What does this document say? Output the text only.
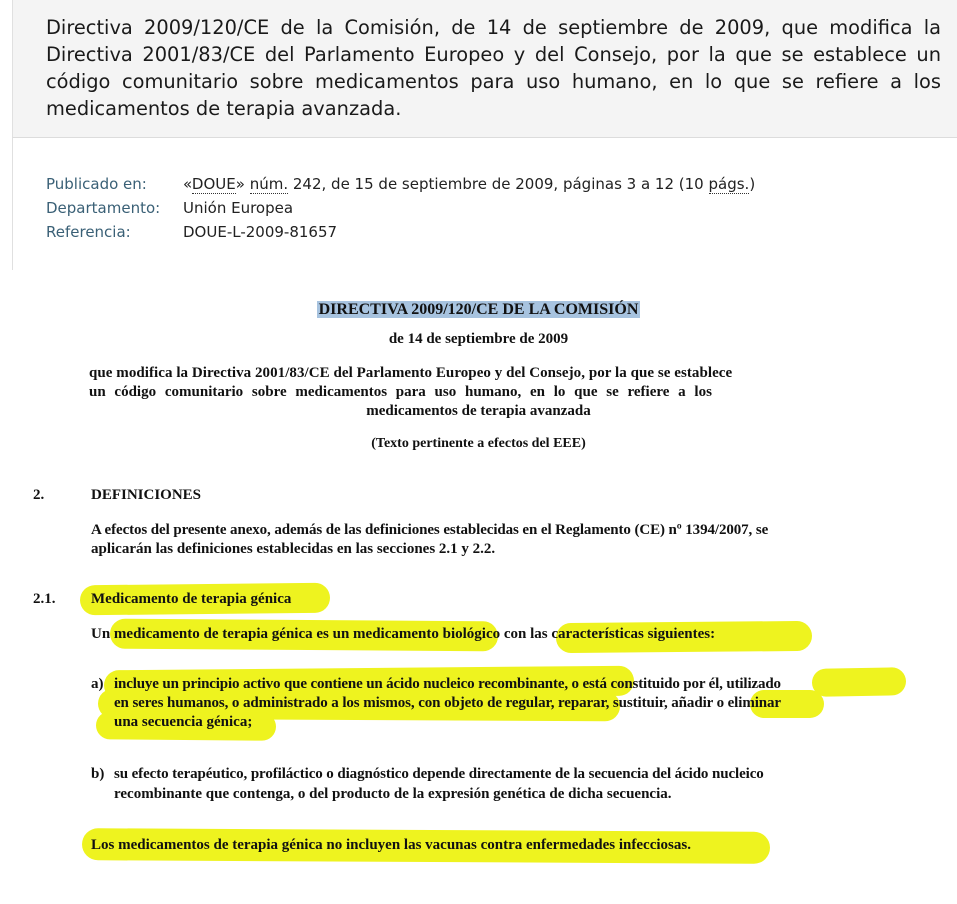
Directiva 2009/120/CE de la Comisión, de 14 de septiembre de 2009, que modifica la Directiva 2001/83/CE del Parlamento Europeo y del Consejo, por la que se establece un código comunitario sobre medicamentos para uso humano, en lo que se refiere a los medicamentos de terapia avanzada.
Publicado en: «DOUE» núm. 242, de 15 de septiembre de 2009, páginas 3 a 12 (10 págs.)
Departamento: Unión Europea
Referencia:	DOUE-L-2009-81657
DIRECTIVA 2009/120/CE DE LA COMISIÓN
de 14 de septiembre de 2009
que modifica la Directiva 2001/83/CE del Parlamento Europeo y del Consejo, por la que se establece
un código comunitario sobre medicamentos para uso humano, en lo que se refiere a los
medicamentos de terapia avanzada
(Texto pertinente a efectos del EEE)
2.	DEFINICIONES
A efectos del presente anexo, además de las definiciones establecidas en el Reglamento (CE) nº 1394/2007, se
aplicarán las definiciones establecidas en las secciones 2.1 y 2.2.
2.1. Medicamento de terapia génica
Un medicamento de terapia génica es un medicamento biológico con las características siguientes:
a) incluye un principio activo que contiene un ácido nucleico recombinante, o está constituido por él, utilizado
en seres humanos, o administrado a los mismos, con objeto de regular, reparar, sustituir, añadir o eliminar
una secuencia génica;
b) su efecto terapéutico, profiláctico o diagnóstico depende directamente de la secuencia del ácido nucleico
recombinante que contenga, o del producto de la expresión genética de dicha secuencia.
Los medicamentos de terapia génica no incluyen las vacunas contra enfermedades infecciosas.
